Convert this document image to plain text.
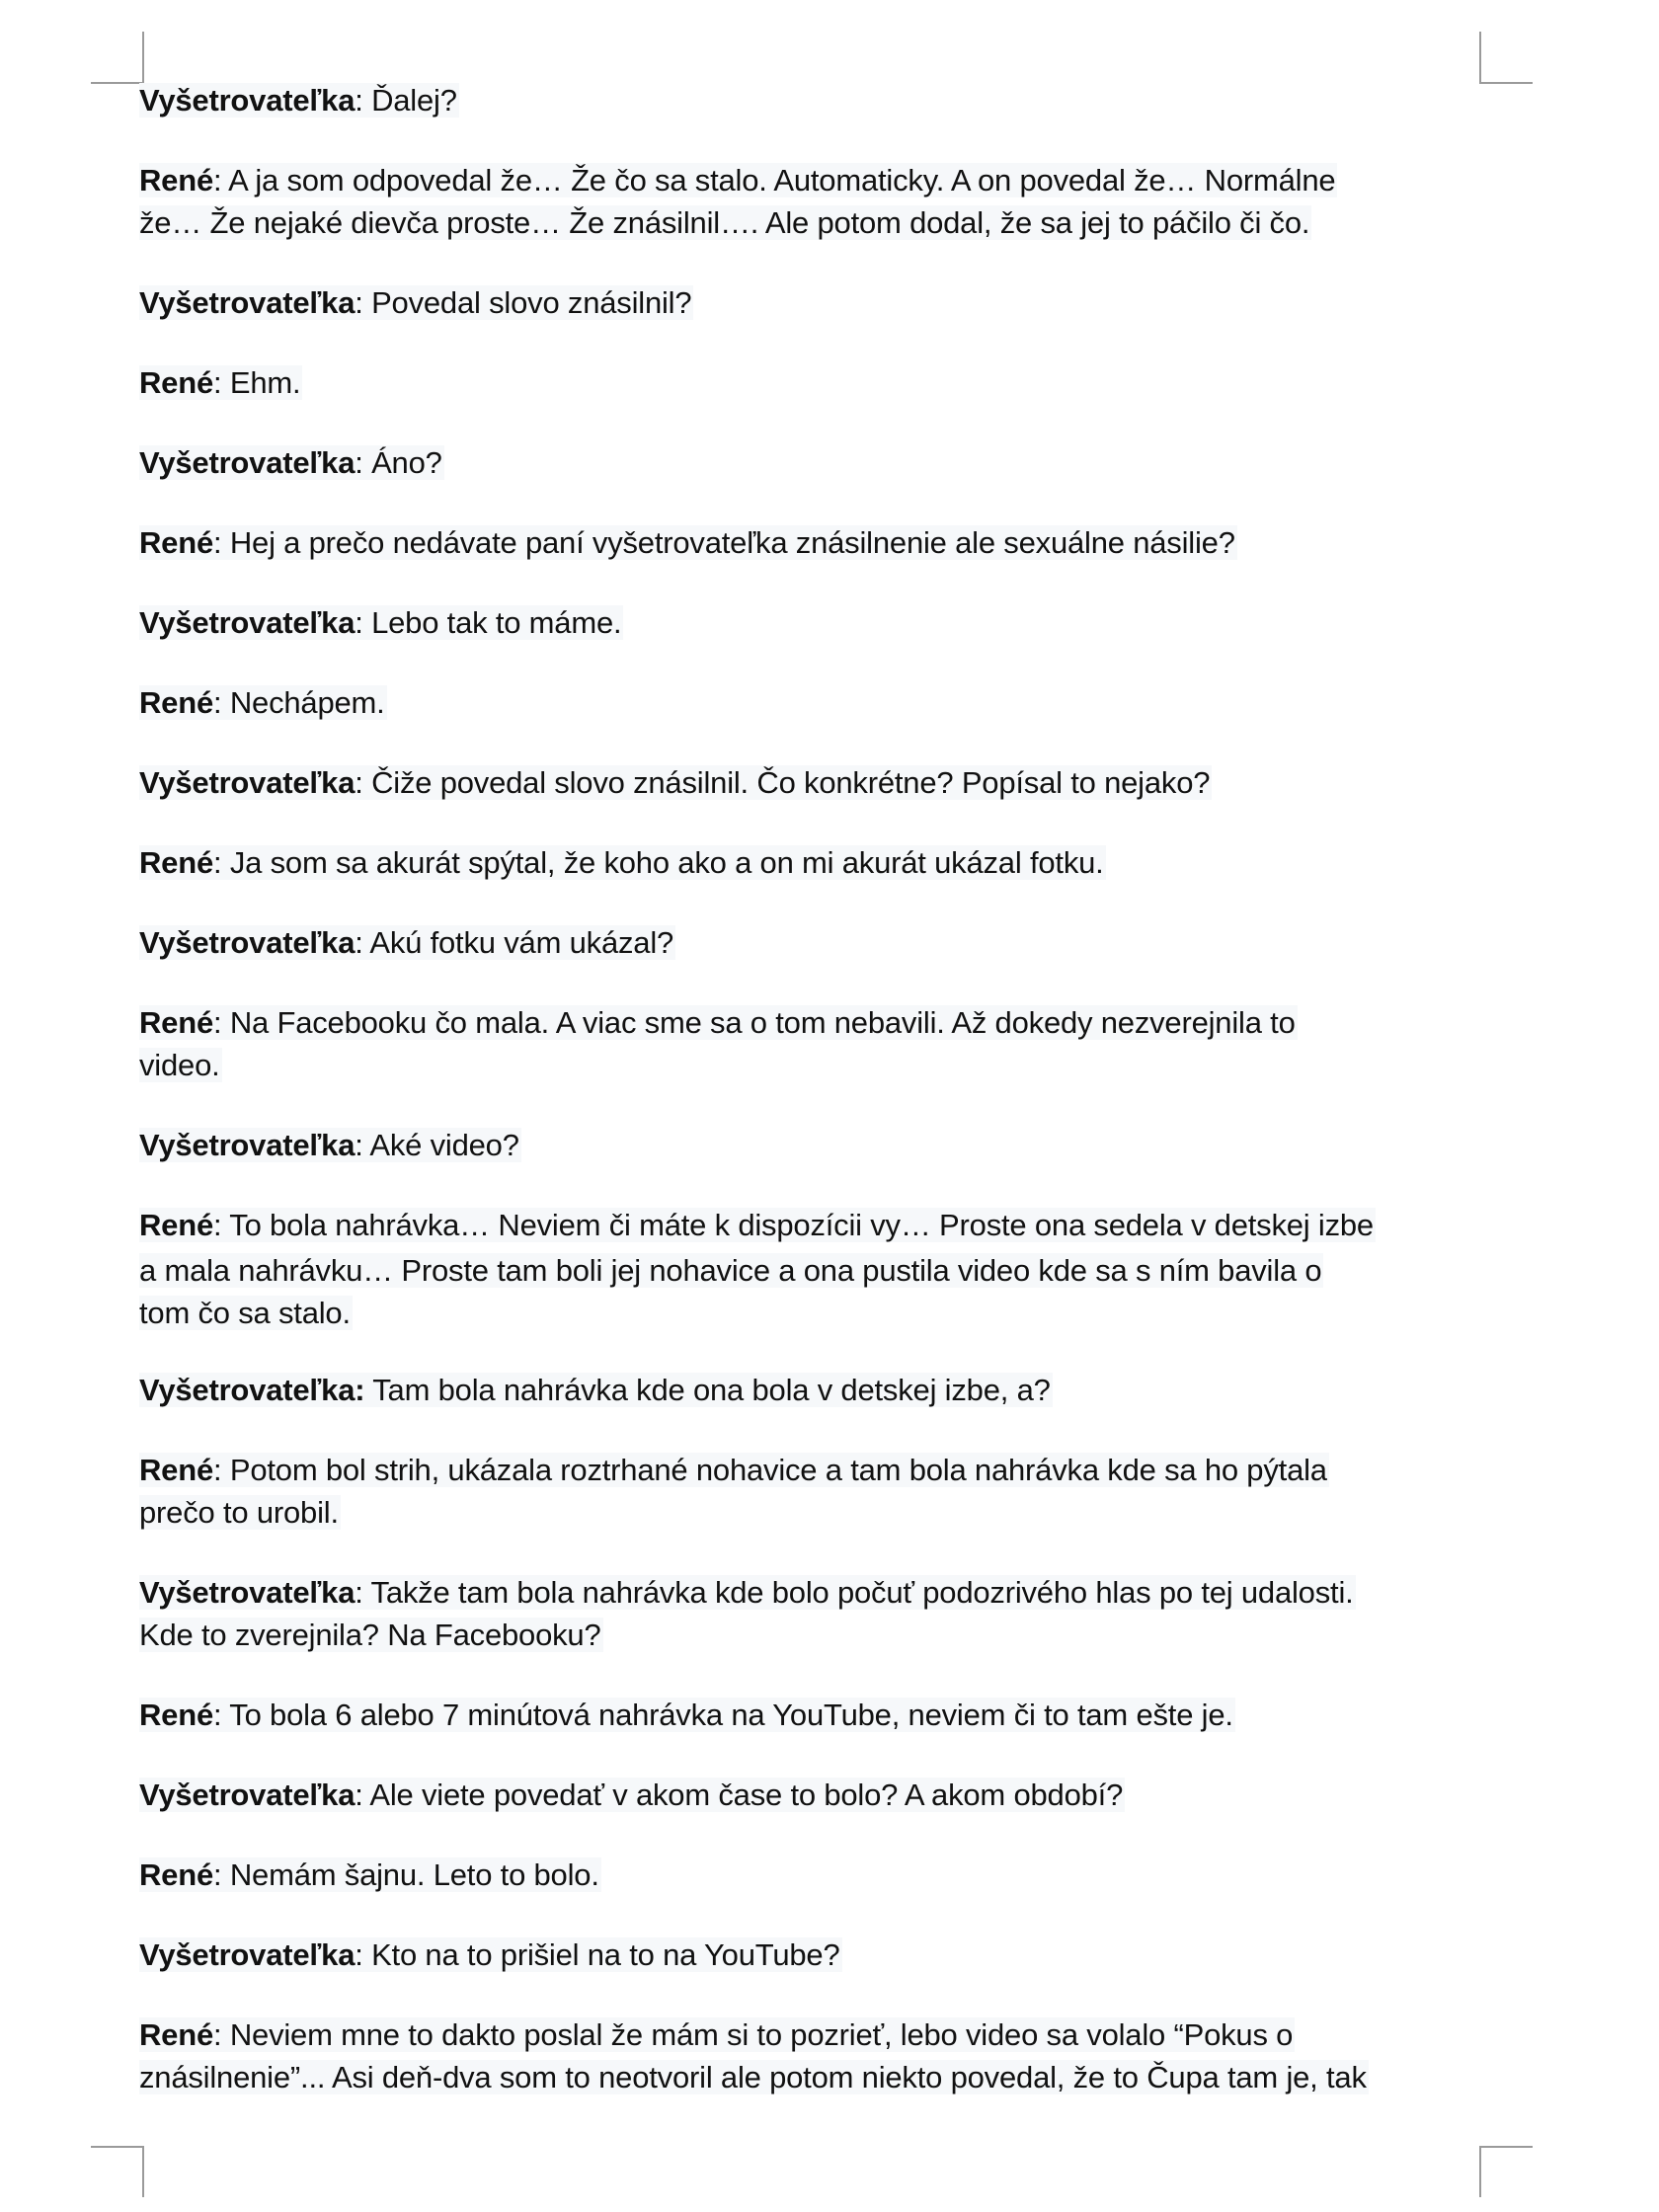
Vyšetrovateľka: Ďalej?
René: A ja som odpovedal že… Že čo sa stalo. Automaticky. A on povedal že… Normálne
že… Že nejaké dievča proste… Že znásilnil…. Ale potom dodal, že sa jej to páčilo či čo.
Vyšetrovateľka: Povedal slovo znásilnil?
René: Ehm.
Vyšetrovateľka: Áno?
René: Hej a prečo nedávate paní vyšetrovateľka znásilnenie ale sexuálne násilie?
Vyšetrovateľka: Lebo tak to máme.
René: Nechápem.
Vyšetrovateľka: Čiže povedal slovo znásilnil. Čo konkrétne? Popísal to nejako?
René: Ja som sa akurát spýtal, že koho ako a on mi akurát ukázal fotku.
Vyšetrovateľka: Akú fotku vám ukázal?
René: Na Facebooku čo mala. A viac sme sa o tom nebavili. Až dokedy nezverejnila to
video.
Vyšetrovateľka: Aké video?
René: To bola nahrávka… Neviem či máte k dispozícii vy… Proste ona sedela v detskej izbe
a mala nahrávku… Proste tam boli jej nohavice a ona pustila video kde sa s ním bavila o
tom čo sa stalo.
Vyšetrovateľka: Tam bola nahrávka kde ona bola v detskej izbe, a?
René: Potom bol strih, ukázala roztrhané nohavice a tam bola nahrávka kde sa ho pýtala
prečo to urobil.
Vyšetrovateľka: Takže tam bola nahrávka kde bolo počuť podozrivého hlas po tej udalosti.
Kde to zverejnila? Na Facebooku?
René: To bola 6 alebo 7 minútová nahrávka na YouTube, neviem či to tam ešte je.
Vyšetrovateľka: Ale viete povedať v akom čase to bolo? A akom období?
René: Nemám šajnu. Leto to bolo.
Vyšetrovateľka: Kto na to prišiel na to na YouTube?
René: Neviem mne to dakto poslal že mám si to pozrieť, lebo video sa volalo “Pokus o
znásilnenie”... Asi deň-dva som to neotvoril ale potom niekto povedal, že to Čupa tam je, tak
